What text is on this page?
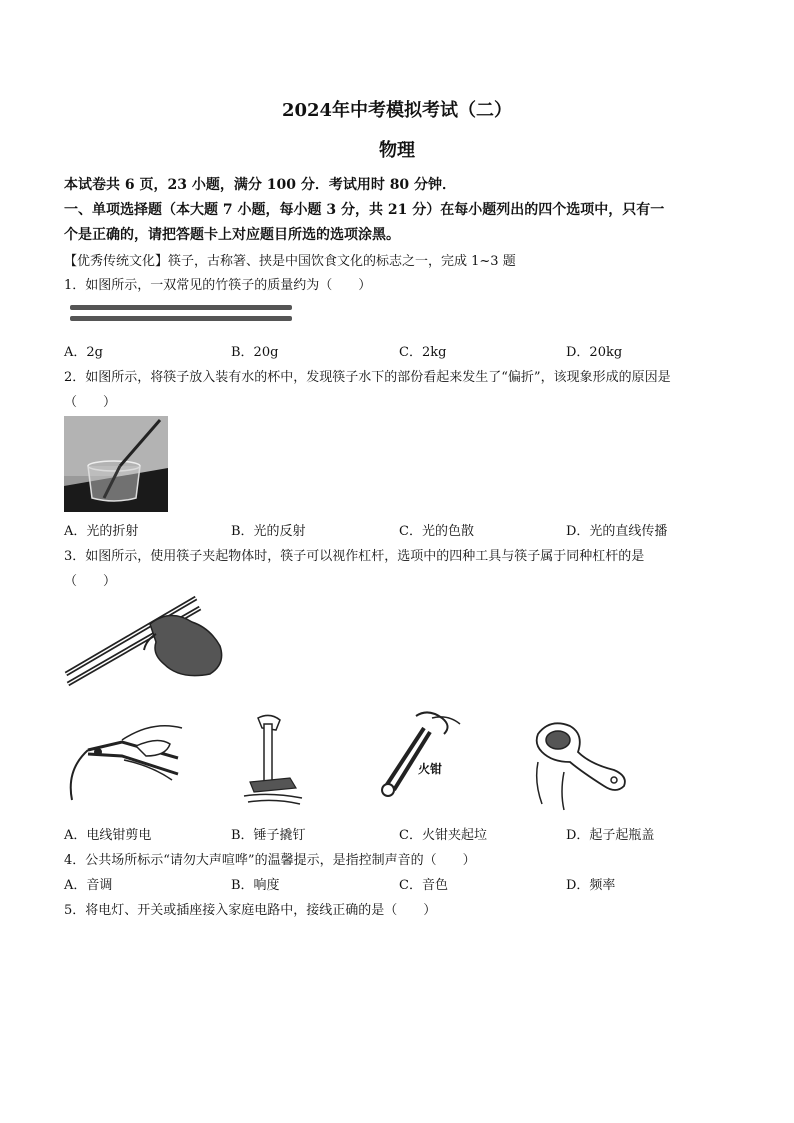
2024年中考模拟考试（二）
物理
本试卷共 6 页，23 小题，满分 100 分．考试用时 80 分钟．
一、单项选择题（本大题 7 小题，每小题 3 分，共 21 分）在每小题列出的四个选项中，只有一
个是正确的，请把答题卡上对应题目所选的选项涂黑。
【优秀传统文化】筷子，古称箸、挟是中国饮食文化的标志之一，完成 1~3 题
1．如图所示，一双常见的竹筷子的质量约为（　　）
A．2g	B．20g	C．2kg	D．20kg
2．如图所示，将筷子放入装有水的杯中，发现筷子水下的部份看起来发生了“偏折”，该现象形成的原因是
（　　）
A．光的折射	B．光的反射	C．光的色散	D．光的直线传播
3．如图所示，使用筷子夹起物体时，筷子可以视作杠杆，选项中的四种工具与筷子属于同种杠杆的是
（　　）
火钳
A．电线钳剪电	B．锤子撬钉	C．火钳夹起垃	D．起子起瓶盖
4．公共场所标示“请勿大声喧哗”的温馨提示，是指控制声音的（　　）
A．音调	B．响度	C．音色	D．频率
5．将电灯、开关或插座接入家庭电路中，接线正确的是（　　）
